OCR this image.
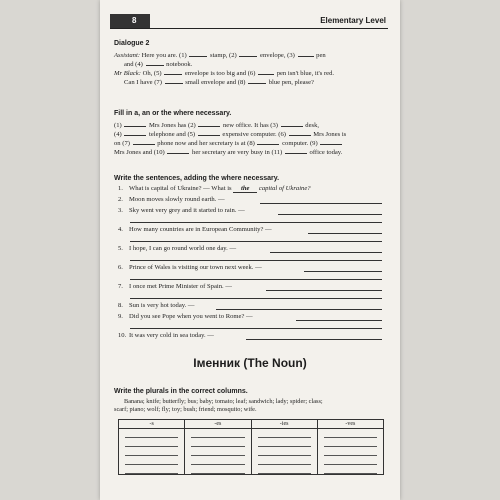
8	Elementary Level
Dialogue 2
Assistant: Here you are. (1)	stamp, (2)	envelope, (3)	pen
and (4)	notebook.
Mr Black: Oh, (5)	envelope is too big and (6)	pen isn't blue, it's red.
Can I have (7)	small envelope and (8)	blue pen, please?
Fill in a, an or the where necessary.
(1)	Mrs Jones has (2)	new office. It has (3)	desk,
(4)	telephone and (5)	expensive computer. (6)	Mrs Jones is
on (7)	phone now and her secretary is at (8)	computer. (9)
Mrs Jones and (10)	her secretary are very busy in (11)	office today.
Write the sentences, adding the where necessary.
1. What is capital of Ukraine? — What is the capital of Ukraine?
2. Moon moves slowly round earth. —
3. Sky went very grey and it started to rain. —
4. How many countries are in European Community? —
5. I hope, I can go round world one day. —
6. Prince of Wales is visiting our town next week. —
7. I once met Prime Minister of Spain. —
8. Sun is very hot today. —
9. Did you see Pope when you went to Rome? —
10. It was very cold in sea today. —
Іменник (The Noun)
Write the plurals in the correct columns.
Banana; knife; butterfly; bus; baby; tomato; leaf; sandwich; lady; spider; class;
scarf; piano; wolf; fly; toy; bush; friend; mosquito; wife.
-s	-es	-ies	-ves
